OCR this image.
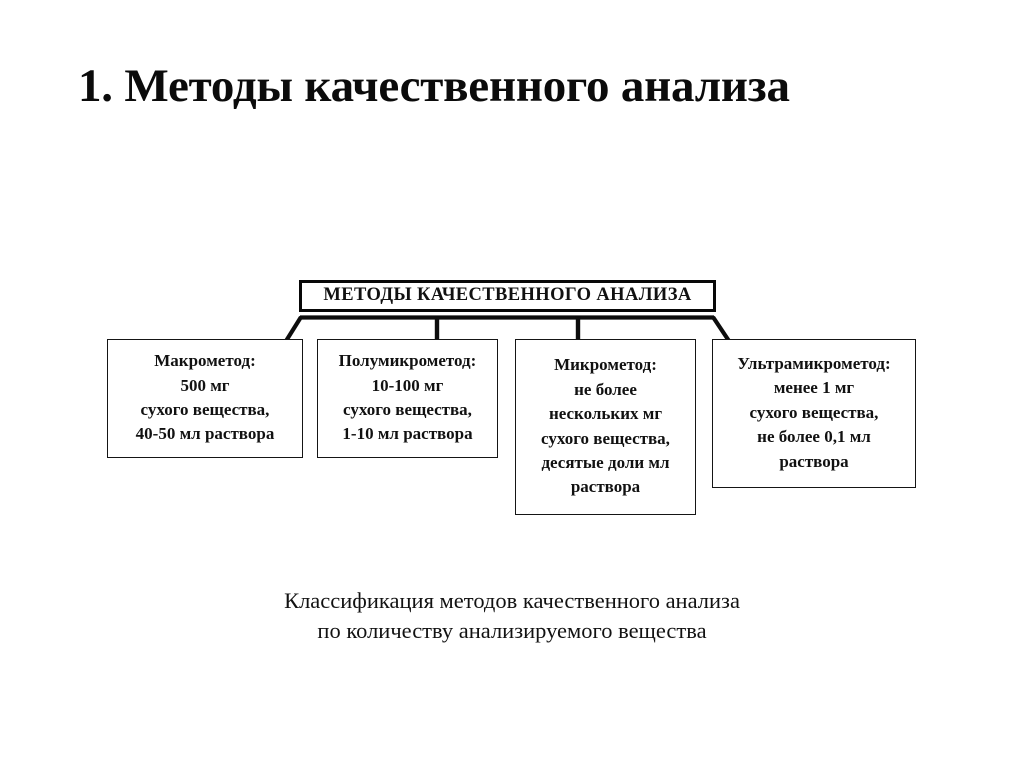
1. Методы качественного анализа
МЕТОДЫ КАЧЕСТВЕННОГО АНАЛИЗА
Макрометод:
500 мг
сухого вещества,
40-50 мл раствора
Полумикрометод:
10-100 мг
сухого вещества,
1-10 мл раствора
Микрометод:
не более
нескольких мг
сухого вещества,
десятые доли мл
раствора
Ультрамикрометод:
менее 1 мг
сухого вещества,
не более 0,1 мл
раствора
Классификация методов качественного анализа
по количеству анализируемого вещества
